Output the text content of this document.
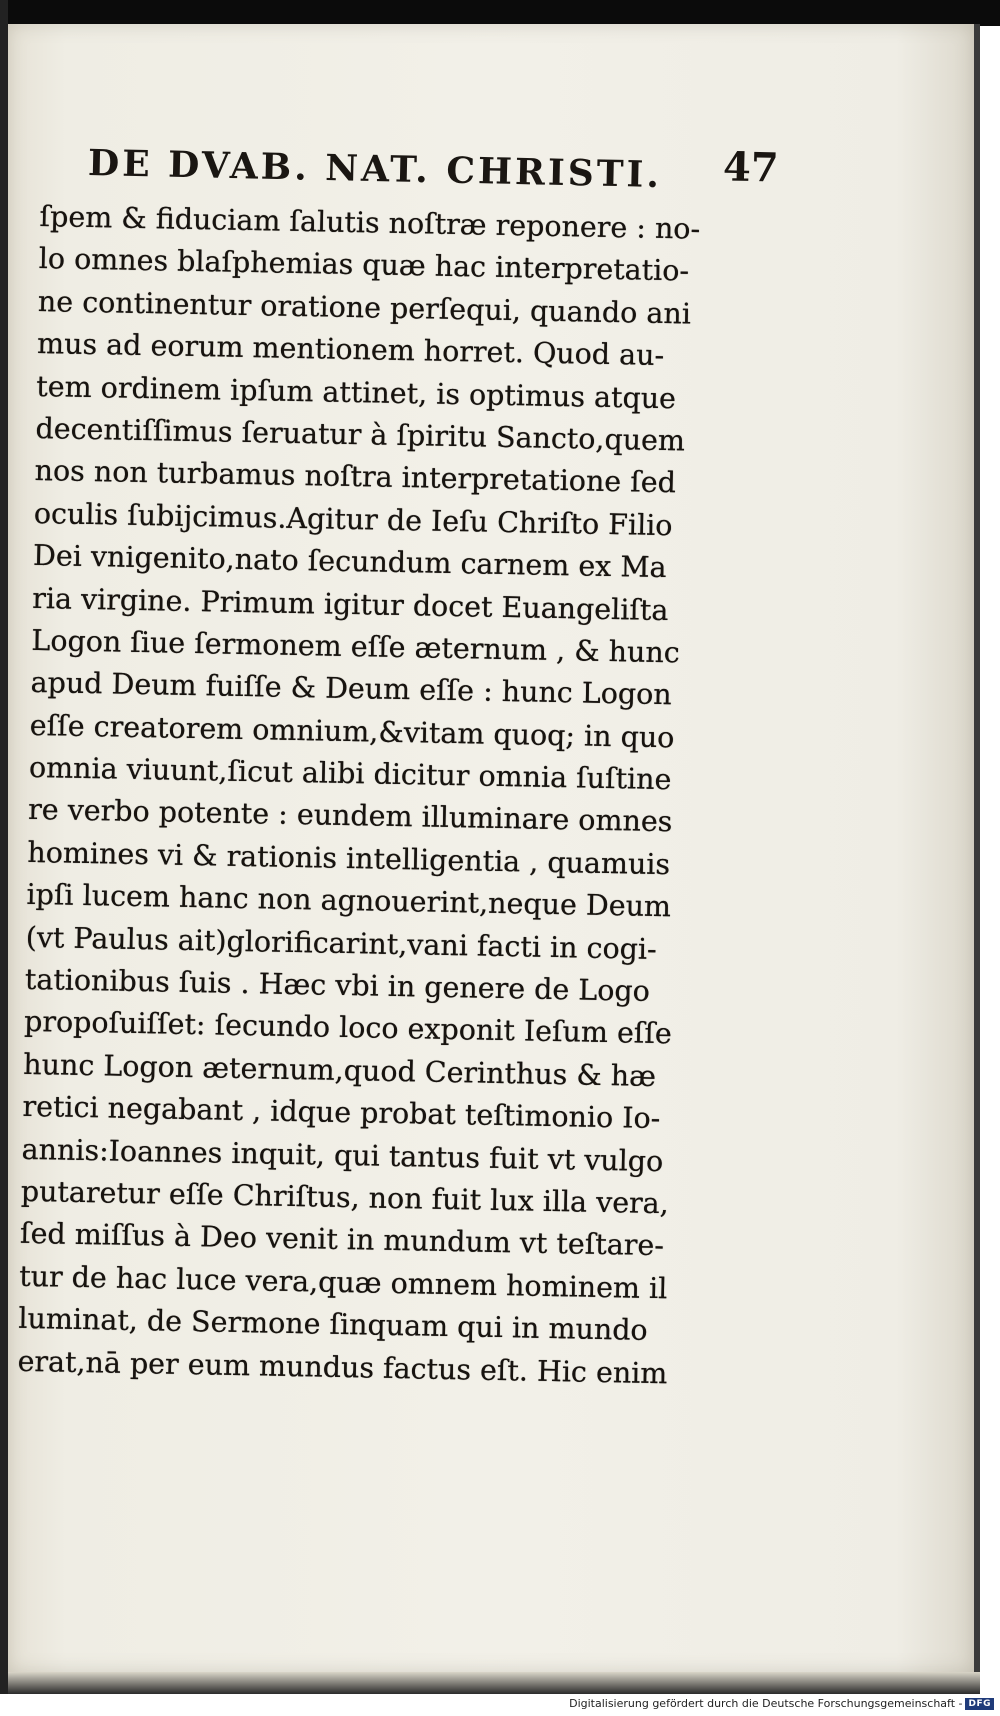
DE DVAB. NAT. CHRISTI. 47
ſpem & fiduciam ſalutis noſtræ reponere : no-
lo omnes blaſphemias quæ hac interpretatio-
ne continentur oratione perſequi, quando ani
mus ad eorum mentionem horret. Quod au-
tem ordinem ipſum attinet, is optimus atque
decentiſſimus ſeruatur à ſpiritu Sancto,quem
nos non turbamus noſtra interpretatione ſed
oculis ſubijcimus.Agitur de Ieſu Chriſto Filio
Dei vnigenito,nato ſecundum carnem ex Ma
ria virgine. Primum igitur docet Euangeliſta
Logon ſiue ſermonem eſſe æternum , & hunc
apud Deum fuiſſe & Deum eſſe : hunc Logon
eſſe creatorem omnium,&vitam quoq; in quo
omnia viuunt,ſicut alibi dicitur omnia ſuſtine
re verbo potente : eundem illuminare omnes
homines vi & rationis intelligentia , quamuis
ipſi lucem hanc non agnouerint,neque Deum
(vt Paulus ait)glorificarint,vani facti in cogi-
tationibus ſuis . Hæc vbi in genere de Logo
propoſuiſſet: ſecundo loco exponit Ieſum eſſe
hunc Logon æternum,quod Cerinthus & hæ
retici negabant , idque probat teſtimonio Io-
annis:Ioannes inquit, qui tantus fuit vt vulgo
putaretur eſſe Chriſtus, non fuit lux illa vera,
ſed miſſus à Deo venit in mundum vt teſtare-
tur de hac luce vera,quæ omnem hominem il
luminat, de Sermone ſinquam qui in mundo
erat,nā per eum mundus factus eſt. Hic enim
Digitalisierung gefördert durch die Deutsche Forschungsgemeinschaft - DFG
